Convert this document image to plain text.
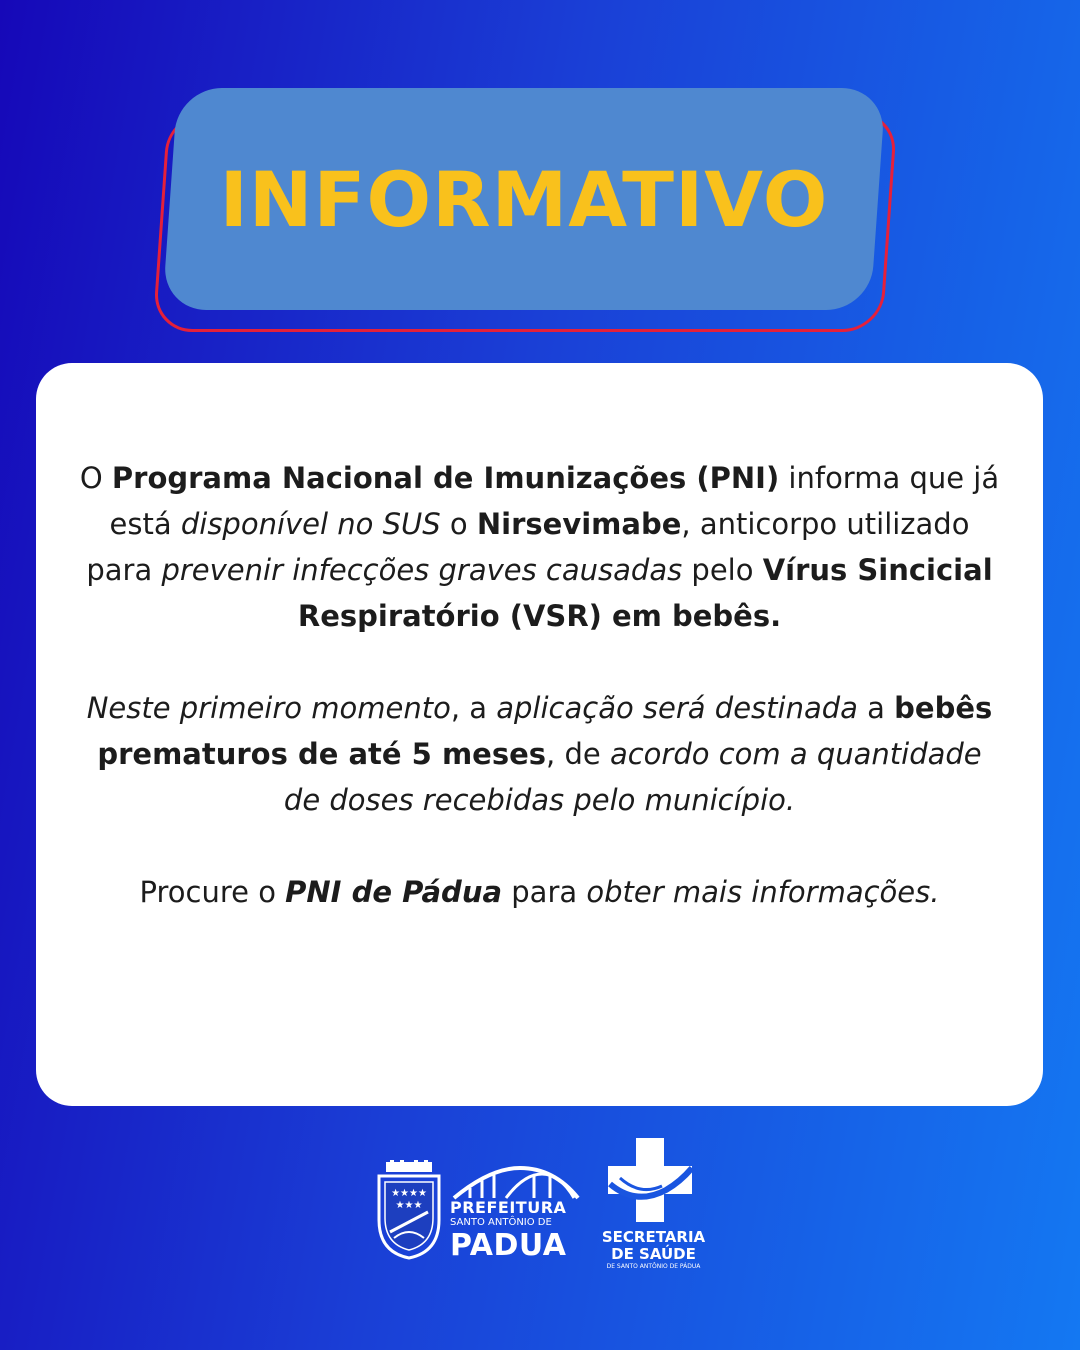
INFORMATIVO

O Programa Nacional de Imunizações (PNI) informa que já está disponível no SUS o Nirsevimabe, anticorpo utilizado para prevenir infecções graves causadas pelo Vírus Sincicial Respiratório (VSR) em bebês.

Neste primeiro momento, a aplicação será destinada a bebês prematuros de até 5 meses, de acordo com a quantidade de doses recebidas pelo município.

Procure o PNI de Pádua para obter mais informações.

★★★★
★★★ PREFEITURA
SANTO ANTÔNIO DE
PADUA	SECRETARIA
DE SAÚDE
DE SANTO ANTÔNIO DE PÁDUA
